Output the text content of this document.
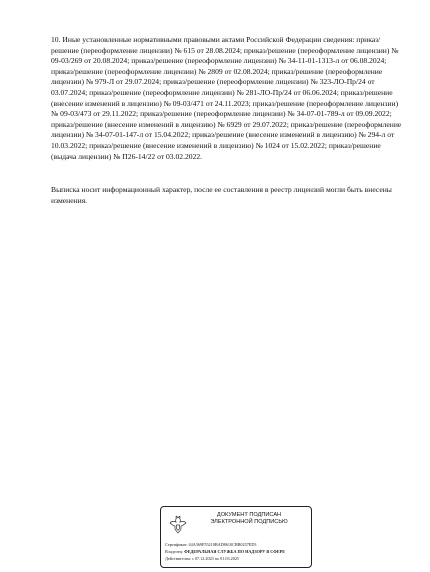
10. Иные установленные нормативными правовыми актами Российской Федерации сведения: приказ/решение (переоформление лицензии) № 615 от 28.08.2024; приказ/решение (переоформление лицензии) № 09-03/269 от 20.08.2024; приказ/решение (переоформление лицензии) № 34-11-01-1313-л от 06.08.2024; приказ/решение (переоформление лицензии) № 2809 от 02.08.2024; приказ/решение (переоформление лицензии) № 979-Л от 29.07.2024; приказ/решение (переоформление лицензии) № 323-ЛО-Пр/24 от 03.07.2024; приказ/решение (переоформление лицензии) № 281-ЛО-Пр/24 от 06.06.2024; приказ/решение (внесение изменений в лицензию) № 09-03/471 от 24.11.2023; приказ/решение (переоформление лицензии) № 09-03/473 от 29.11.2022; приказ/решение (переоформление лицензии) № 34-07-01-789-л от 09.09.2022; приказ/решение (внесение изменений в лицензию) № 6929 от 29.07.2022; приказ/решение (переоформление лицензии) № 34-07-01-147-л от 15.04.2022; приказ/решение (внесение изменений в лицензию) № 294-л от 10.03.2022; приказ/решение (внесение изменений в лицензию) № 1024 от 15.02.2022; приказ/решение (выдача лицензии) № П26-14/22 от 03.02.2022.

Выписка носит информационный характер, после ее составления в реестр лицензий могли быть внесены изменения.

ДОКУМЕНТ ПОДПИСАН
ЭЛЕКТРОННОЙ ПОДПИСЬЮ
Сертификат: 44A369F55210BAD8610CBB0257ED3
Владелец: ФЕДЕРАЛЬНАЯ СЛУЖБА ПО НАДЗОРУ В СФЕРЕ
Действителен: с 07.12.2023 по 01.03.2025
